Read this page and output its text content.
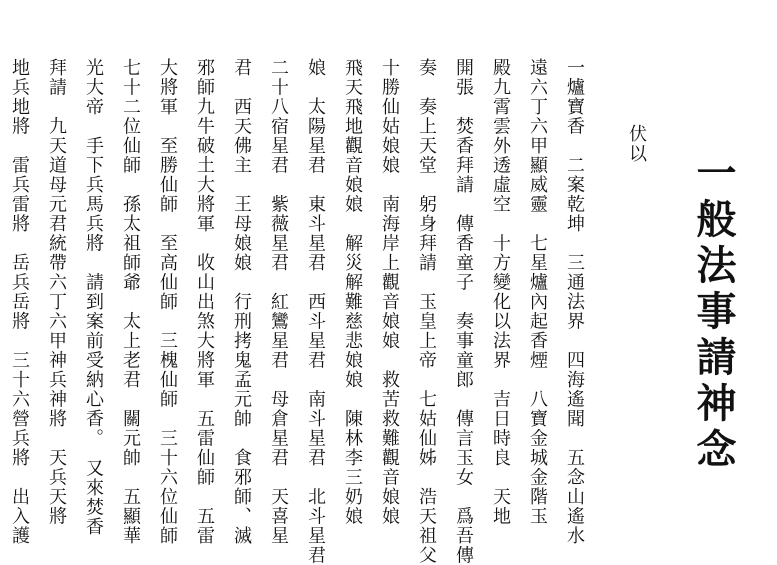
一般法事請神念
伏以
一爐寶香　二案乾坤　三通法界　四海遙聞　五念山遙水
遠六丁六甲顯威靈　七星爐內起香煙　八寶金城金階玉
殿九霄雲外透虛空　十方變化以法界　吉日時良　天地
開張　焚香拜請　傳香童子　奏事童郎　傳言玉女　爲吾傳
奏　奏上天堂　躬身拜請　玉皇上帝　七姑仙姊　浩天祖父
十勝仙姑娘娘　南海岸上觀音娘娘　救苦救難觀音娘娘
飛天飛地觀音娘娘　解災解難慈悲娘娘　陳林李三奶娘
娘　太陽星君　東斗星君　西斗星君　南斗星君　北斗星君
二十八宿星君　紫薇星君　紅鸞星君　母倉星君　天喜星
君　西天佛主　王母娘娘　行刑拷鬼孟元帥　食邪師、滅
邪師九牛破土大將軍　收山出煞大將軍　五雷仙師　五雷
大將軍　至勝仙師　至高仙師　三槐仙師　三十六位仙師
七十二位仙師　孫太祖師爺　太上老君　關元帥　五顯華
光大帝　手下兵馬兵將　請到案前受納心香。　又來焚香
拜請　九天道母元君統帶六丁六甲神兵神將　天兵天將
地兵地將　雷兵雷將　岳兵岳將　三十六營兵將　出入護
